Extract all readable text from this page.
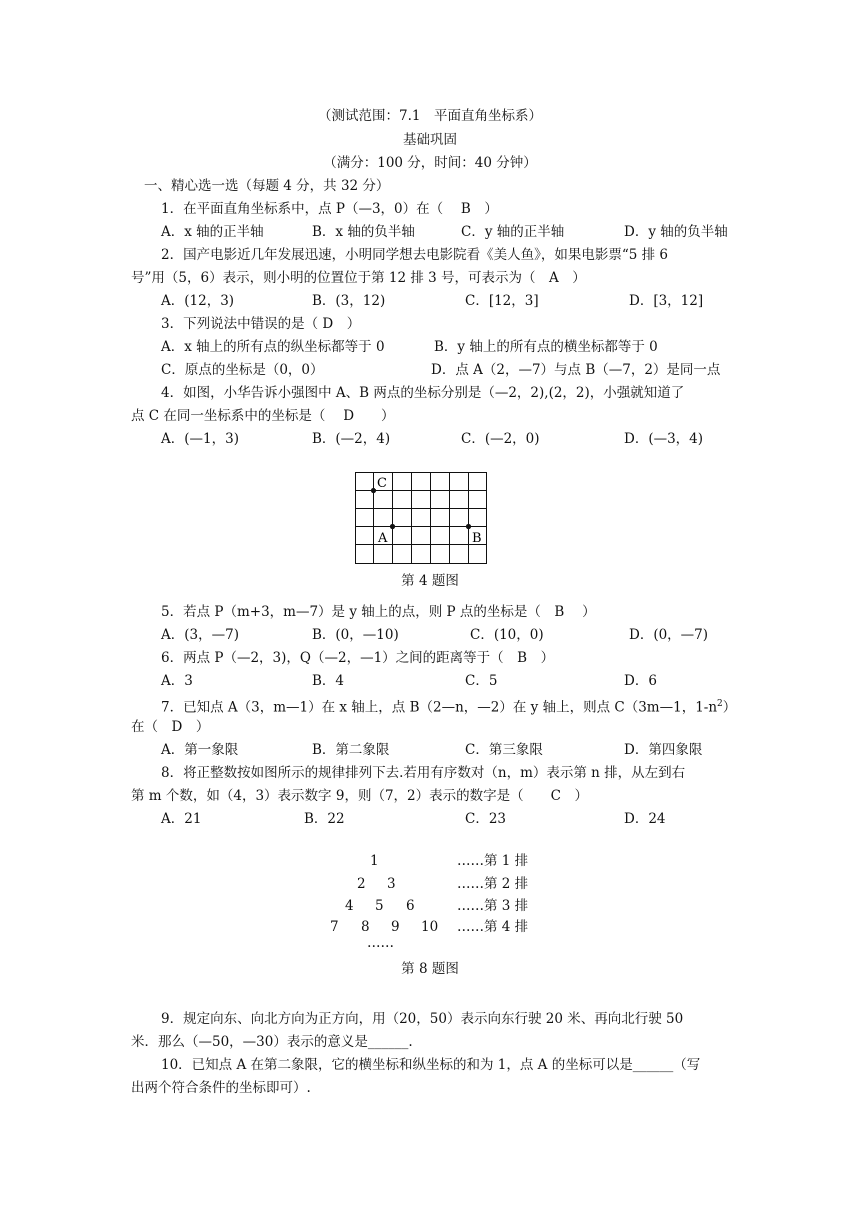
（测试范围：7.1　平面直角坐标系）
基础巩固
（满分：100 分，时间：40 分钟）
一、精心选一选（每题 4 分，共 32 分）
1．在平面直角坐标系中，点 P（—3，0）在（　 B　）
A．x 轴的正半轴	B．x 轴的负半轴	C．y 轴的正半轴	D．y 轴的负半轴
2．国产电影近几年发展迅速，小明同学想去电影院看《美人鱼》，如果电影票“5 排 6
号”用（5，6）表示，则小明的位置位于第 12 排 3 号，可表示为（　A　）
A．(12，3)	B．(3，12)	C．[12，3]	D．[3，12]
3．下列说法中错误的是（ D　）
A．x 轴上的所有点的纵坐标都等于 0	B．y 轴上的所有点的横坐标都等于 0
C．原点的坐标是（0，0）	D．点 A（2，—7）与点 B（—7，2）是同一点
4．如图，小华告诉小强图中 A、B 两点的坐标分别是（—2，2),(2，2)，小强就知道了
点 C 在同一坐标系中的坐标是（　 D　　）
A．(—1，3)	B．(—2，4)	C．(—2，0)	D．(—3，4)
C
A	B
第 4 题图
5．若点 P（m+3，m—7）是 y 轴上的点，则 P 点的坐标是（　B　 ）
A．(3，—7)	B．(0，—10)	C．(10，0)	D．(0，—7)
6．两点 P（—2，3)，Q（—2，—1）之间的距离等于（　B　）
A．3	B．4	C．5	D．6
7．已知点 A（3，m—1）在 x 轴上，点 B（2—n，—2）在 y 轴上，则点 C（3m—1，$1-n^2$）
在（　D　）
A．第一象限	B．第二象限	C．第三象限	D．第四象限
8．将正整数按如图所示的规律排列下去.若用有序数对（n，m）表示第 n 排，从左到右
第 m 个数，如（4，3）表示数字 9，则（7，2）表示的数字是（　　C　）
A．21	B．22	C．23	D．24
1	……第 1 排
2 3	……第 2 排
4 5 6	……第 3 排
7 8 9 10 ……第 4 排
……
第 8 题图
9．规定向东、向北方向为正方向，用（20，50）表示向东行驶 20 米、再向北行驶 50
米．那么（—50，—30）表示的意义是______.
10．已知点 A 在第二象限，它的横坐标和纵坐标的和为 1，点 A 的坐标可以是______（写
出两个符合条件的坐标即可）.
